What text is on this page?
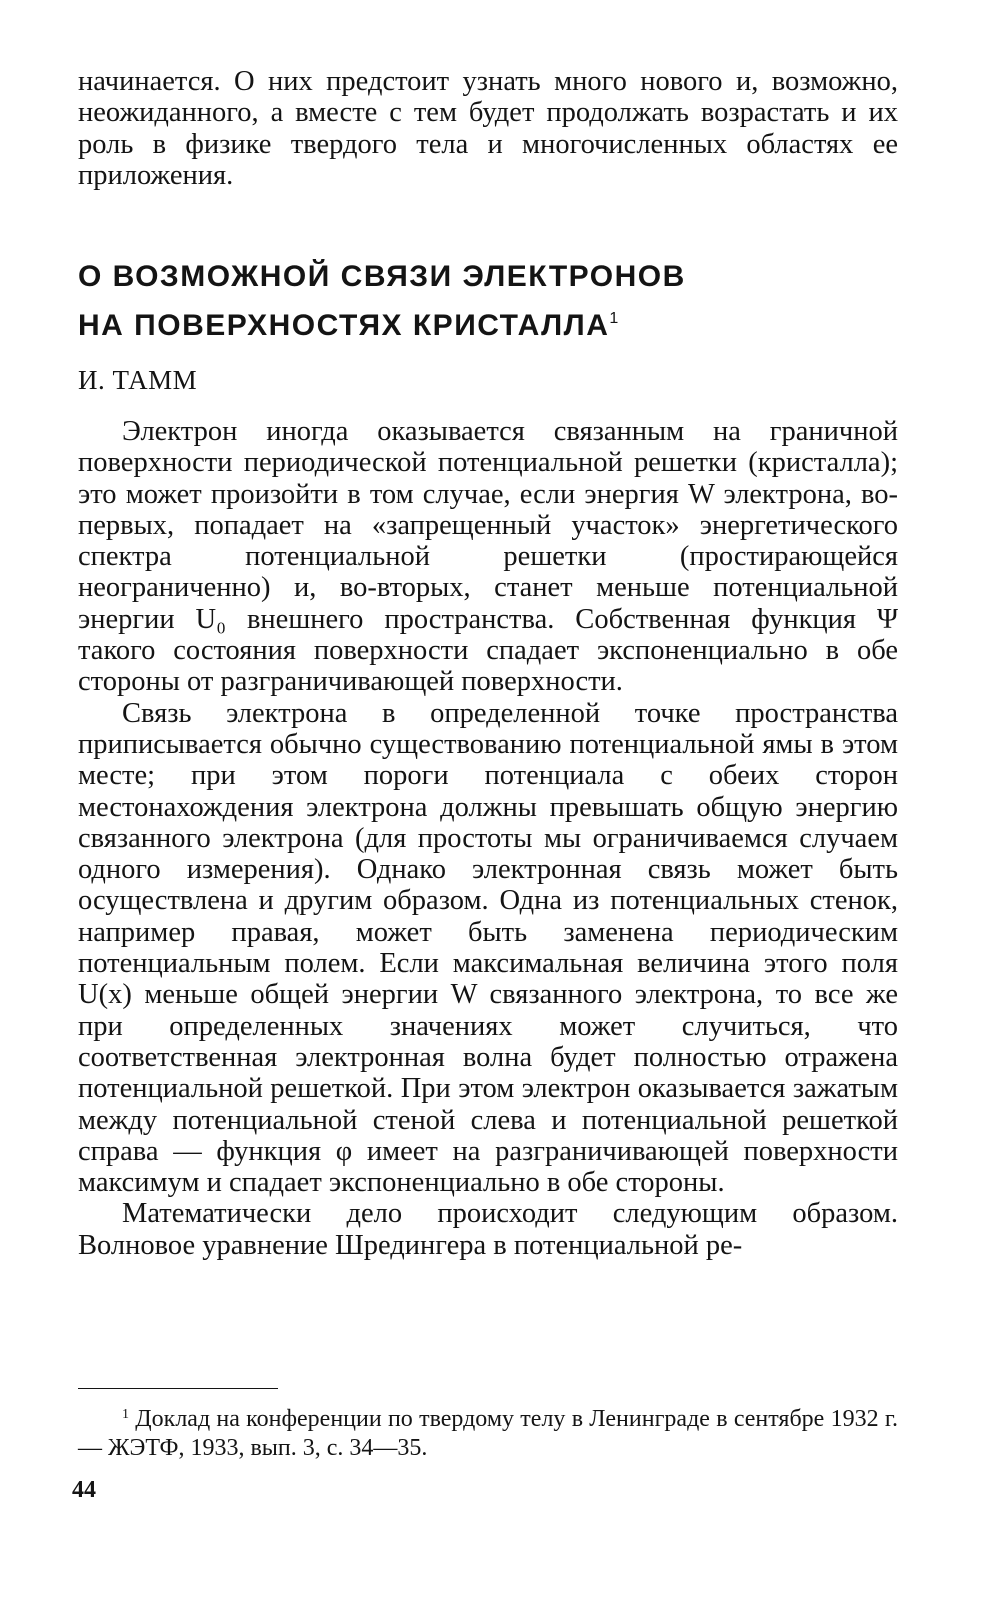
начинается. О них предстоит узнать много нового и, возможно, неожиданного, а вместе с тем будет продолжать возрастать и их роль в физике твердого тела и многочисленных областях ее приложения.

О ВОЗМОЖНОЙ СВЯЗИ ЭЛЕКТРОНОВ
НА ПОВЕРХНОСТЯХ КРИСТАЛЛА$^1$

И. ТАММ

Электрон иногда оказывается связанным на граничной поверхности периодической потенциальной решетки (кристалла); это может произойти в том случае, если энергия W электрона, во-первых, попадает на «запрещенный участок» энергетического спектра потенциальной решетки (простирающейся неограниченно) и, во-вторых, станет меньше потенциальной энергии U₀ внешнего пространства. Собственная функция Ψ такого состояния поверхности спадает экспоненциально в обе стороны от разграничивающей поверхности.

Связь электрона в определенной точке пространства приписывается обычно существованию потенциальной ямы в этом месте; при этом пороги потенциала с обеих сторон местонахождения электрона должны превышать общую энергию связанного электрона (для простоты мы ограничиваемся случаем одного измерения). Однако электронная связь может быть осуществлена и другим образом. Одна из потенциальных стенок, например правая, может быть заменена периодическим потенциальным полем. Если максимальная величина этого поля U(x) меньше общей энергии W связанного электрона, то все же при определенных значениях может случиться, что соответственная электронная волна будет полностью отражена потенциальной решеткой. При этом электрон оказывается зажатым между потенциальной стеной слева и потенциальной решеткой справа — функция φ имеет на разграничивающей поверхности максимум и спадает экспоненциально в обе стороны.

Математически дело происходит следующим образом. Волновое уравнение Шредингера в потенциальной ре-

$^1$ Доклад на конференции по твердому телу в Ленинграде в сентябре 1932 г. — ЖЭТФ, 1933, вып. 3, с. 34—35.

44
